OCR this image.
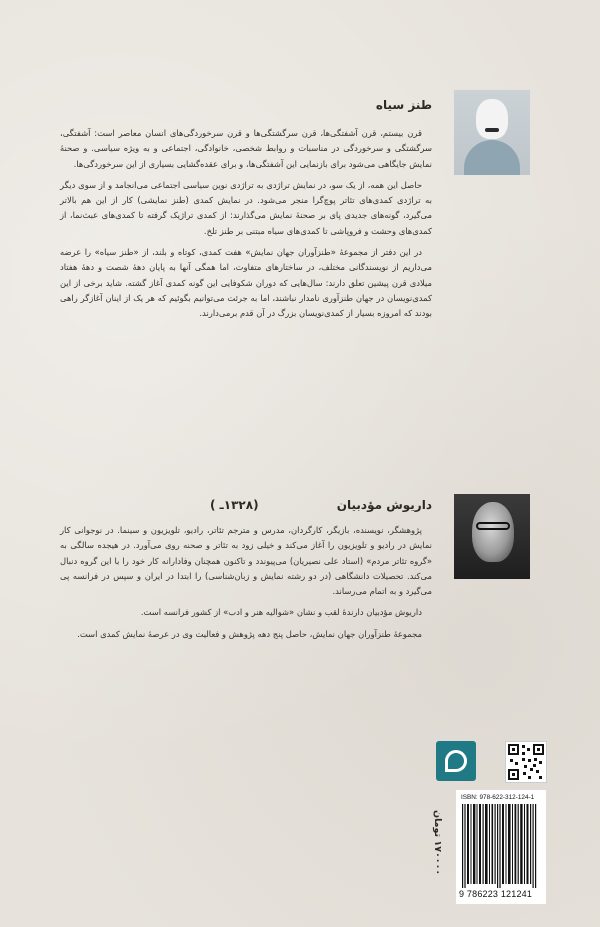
طنز سیاه

قرن بیستم، قرن آشفتگی‌ها، قرن سرگشتگی‌ها و قرن سرخوردگی‌های انسان معاصر است: آشفتگی، سرگشتگی و سرخوردگی در مناسبات و روابط شخصی، خانوادگی، اجتماعی و به ویژه سیاسی. و صحنهٔ نمایش جایگاهی می‌شود برای بازنمایی این آشفتگی‌ها، و برای عقده‌گشایی بسیاری از این سرخوردگی‌ها.

حاصل این همه، از یک سو، در نمایش تراژدی به تراژدی نوین سیاسی اجتماعی می‌انجامد و از سوی دیگر به تراژدی کمدی‌های تئاتر پوچ‌گرا منجر می‌شود. در نمایش کمدی (طنز نمایشی) کار از این هم بالاتر می‌گیرد، گونه‌های جدیدی پای بر صحنهٔ نمایش می‌گذارند: از کمدی تراژیک گرفته تا کمدی‌های عبث‌نما، از کمدی‌های وحشت و فروپاشی تا کمدی‌های سیاه مبتنی بر طنز تلخ.

در این دفتر از مجموعهٔ «طنزآوران جهان نمایش» هفت کمدی، کوتاه و بلند، از «طنز سیاه» را عرضه می‌داریم از نویسندگانی مختلف، در ساختارهای متفاوت، اما همگی آنها به پایان دههٔ شصت و دههٔ هفتاد میلادی قرن پیشین تعلق دارند: سال‌هایی که دوران شکوفایی این گونه کمدی آغاز گشته. شاید برخی از این کمدی‌نویسان در جهان طنزآوری نامدار نباشند، اما به جرئت می‌توانیم بگوئیم که هر یک از اینان آغازگر راهی بودند که امروزه بسیار از کمدی‌نویسان بزرگ در آن قدم برمی‌دارند.

داریوش مؤدبیان
(۱۳۲۸ـ )

پژوهشگر، نویسنده، بازیگر، کارگردان، مدرس و مترجم تئاتر، رادیو، تلویزیون و سینما. در نوجوانی کار نمایش در رادیو و تلویزیون را آغاز می‌کند و خیلی زود به تئاتر و صحنه روی می‌آورد. در هیجده سالگی به «گروه تئاتر مردم» (استاد علی نصیریان) می‌پیوندد و تاکنون همچنان وفادارانه کار خود را با این گروه دنبال می‌کند. تحصیلات دانشگاهی (در دو رشته نمایش و زبان‌شناسی) را ابتدا در ایران و سپس در فرانسه پی می‌گیرد و به اتمام می‌رساند.

داریوش مؤدبیان دارندهٔ لقب و نشان «شوالیه هنر و ادب» از کشور فرانسه است.

مجموعهٔ طنزآوران جهان نمایش، حاصل پنج دهه پژوهش و فعالیت وی در عرصهٔ نمایش کمدی است.

۱۷۰۰۰۰ تومان
ISBN: 978-622-312-124-1
9 786223 121241
